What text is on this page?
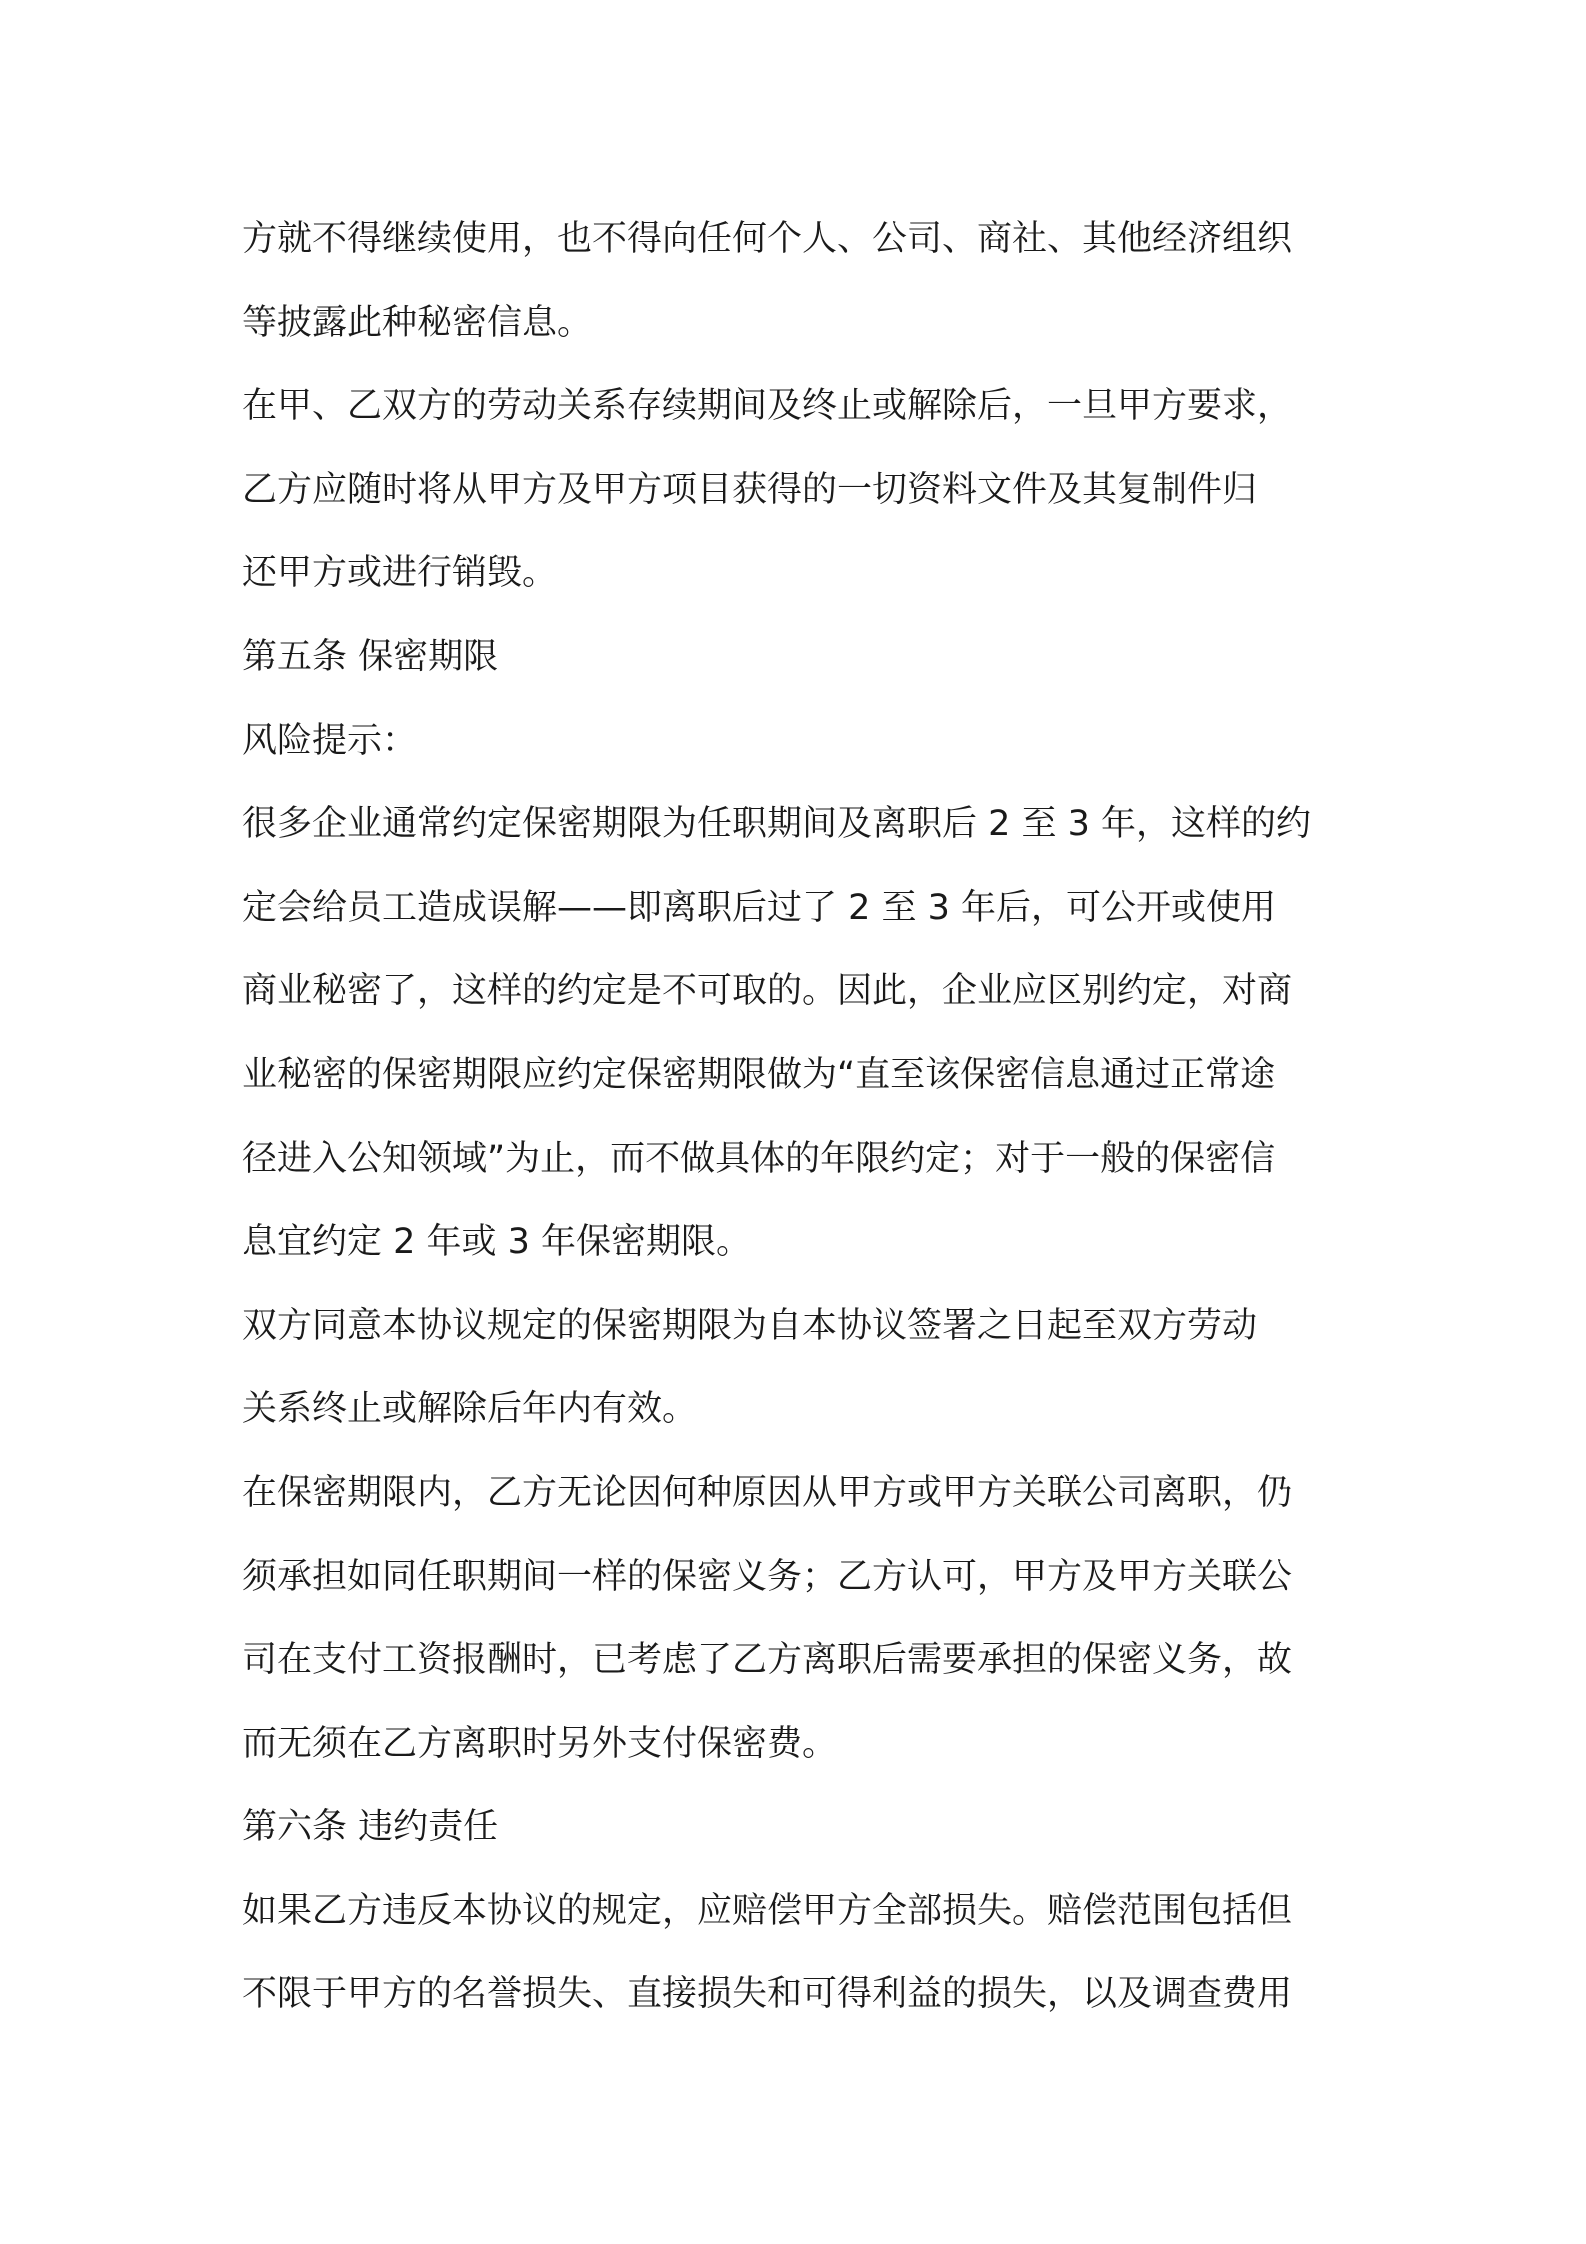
方就不得继续使用，也不得向任何个人、公司、商社、其他经济组织
等披露此种秘密信息。
在甲、乙双方的劳动关系存续期间及终止或解除后，一旦甲方要求，
乙方应随时将从甲方及甲方项目获得的一切资料文件及其复制件归
还甲方或进行销毁。
第五条 保密期限
风险提示：
很多企业通常约定保密期限为任职期间及离职后 2 至 3 年，这样的约
定会给员工造成误解——即离职后过了 2 至 3 年后，可公开或使用
商业秘密了，这样的约定是不可取的。因此，企业应区别约定，对商
业秘密的保密期限应约定保密期限做为“直至该保密信息通过正常途
径进入公知领域”为止，而不做具体的年限约定；对于一般的保密信
息宜约定 2 年或 3 年保密期限。
双方同意本协议规定的保密期限为自本协议签署之日起至双方劳动
关系终止或解除后年内有效。
在保密期限内，乙方无论因何种原因从甲方或甲方关联公司离职，仍
须承担如同任职期间一样的保密义务；乙方认可，甲方及甲方关联公
司在支付工资报酬时，已考虑了乙方离职后需要承担的保密义务，故
而无须在乙方离职时另外支付保密费。
第六条 违约责任
如果乙方违反本协议的规定，应赔偿甲方全部损失。赔偿范围包括但
不限于甲方的名誉损失、直接损失和可得利益的损失，以及调查费用
